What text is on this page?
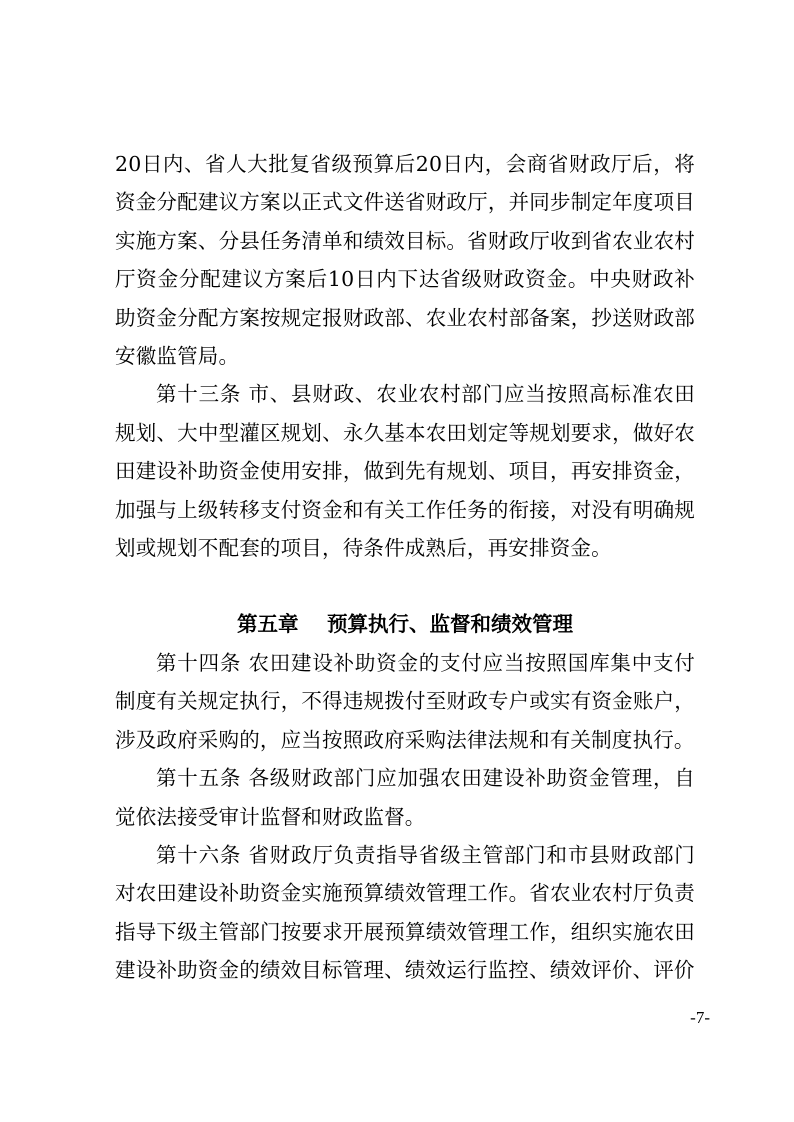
20日内、省人大批复省级预算后20日内，会商省财政厅后，将资金分配建议方案以正式文件送省财政厅，并同步制定年度项目实施方案、分县任务清单和绩效目标。省财政厅收到省农业农村厅资金分配建议方案后10日内下达省级财政资金。中央财政补助资金分配方案按规定报财政部、农业农村部备案，抄送财政部安徽监管局。

第十三条 市、县财政、农业农村部门应当按照高标准农田规划、大中型灌区规划、永久基本农田划定等规划要求，做好农田建设补助资金使用安排，做到先有规划、项目，再安排资金，加强与上级转移支付资金和有关工作任务的衔接，对没有明确规划或规划不配套的项目，待条件成熟后，再安排资金。

第五章    预算执行、监督和绩效管理

第十四条 农田建设补助资金的支付应当按照国库集中支付制度有关规定执行，不得违规拨付至财政专户或实有资金账户，涉及政府采购的，应当按照政府采购法律法规和有关制度执行。

第十五条 各级财政部门应加强农田建设补助资金管理，自觉依法接受审计监督和财政监督。

第十六条 省财政厅负责指导省级主管部门和市县财政部门对农田建设补助资金实施预算绩效管理工作。省农业农村厅负责指导下级主管部门按要求开展预算绩效管理工作，组织实施农田建设补助资金的绩效目标管理、绩效运行监控、绩效评价、评价

-7-
